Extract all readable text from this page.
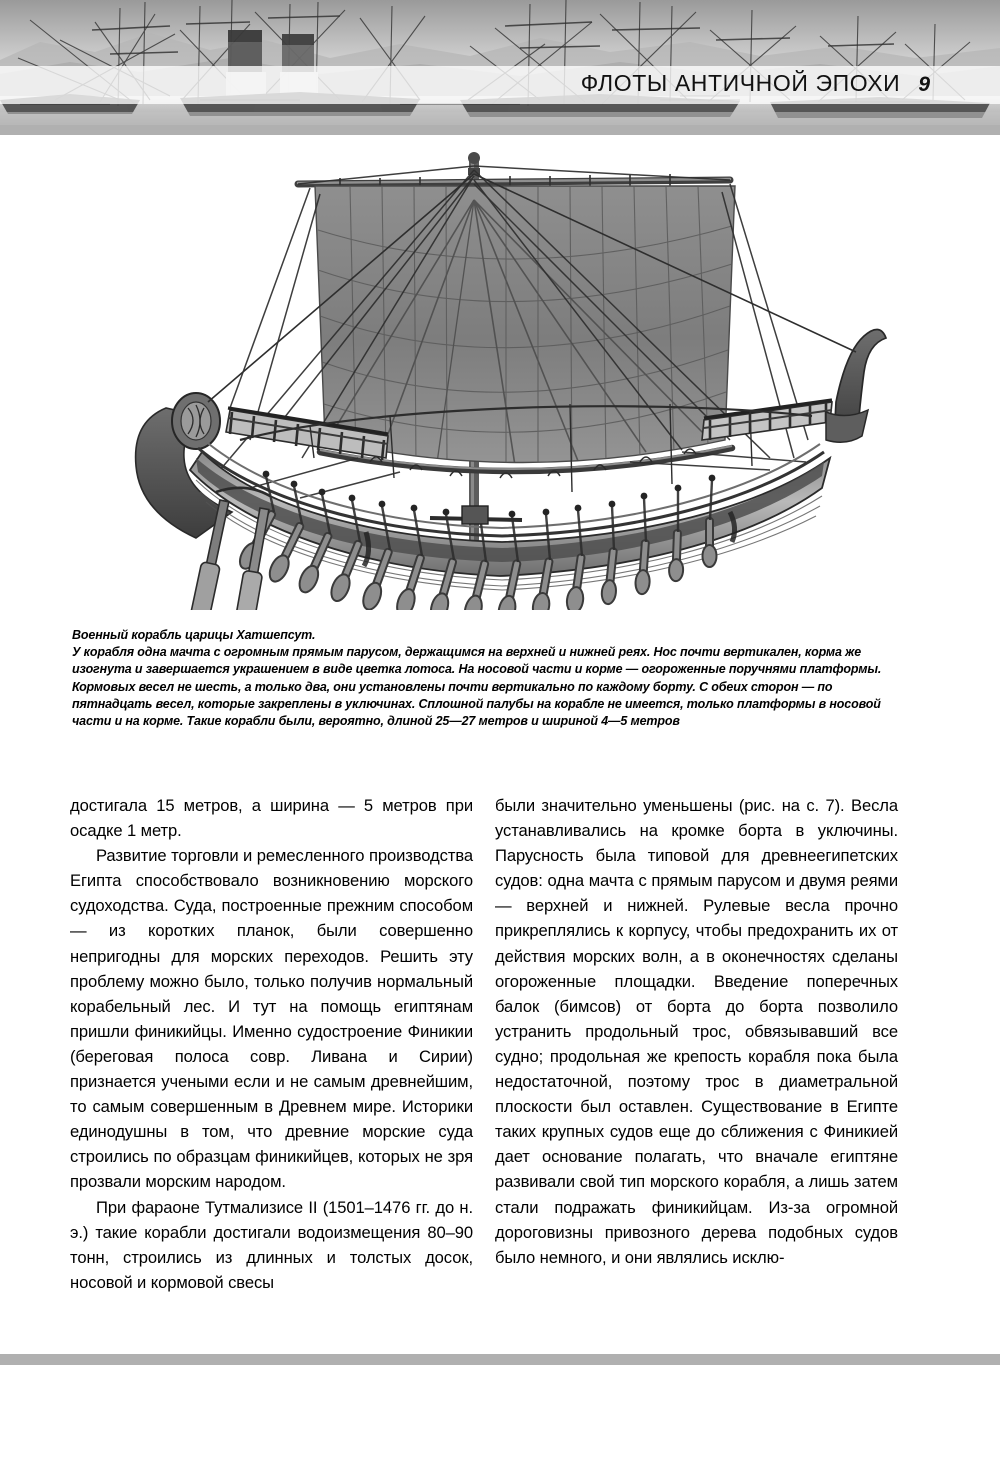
ФЛОТЫ АНТИЧНОЙ ЭПОХИ 9
Военный корабль царицы Хатшепсут.
У корабля одна мачта с огромным прямым парусом, держащимся на верхней и нижней реях. Нос почти вертикален, корма же изогнута и завершается украшением в виде цветка лотоса. На носовой части и корме — огороженные поручнями платформы. Кормовых весел не шесть, а только два, они установлены почти вертикально по каждому борту. С обеих сторон — по пятнадцать весел, которые закреплены в уключинах. Сплошной палубы на корабле не имеется, только платформы в носовой части и на корме. Такие корабли были, вероятно, длиной 25—27 метров и шириной 4—5 метров

достигала 15 метров, а ширина — 5 метров при осадке 1 метр.

Развитие торговли и ремесленного производства Египта способствовало возникновению морского судоходства. Суда, построенные прежним способом — из коротких планок, были совершенно непригодны для морских переходов. Решить эту проблему можно было, только получив нормальный корабельный лес. И тут на помощь египтянам пришли финикийцы. Именно судостроение Финикии (береговая полоса совр. Ливана и Сирии) признается учеными если и не самым древнейшим, то самым совершенным в Древнем мире. Историки единодушны в том, что древние морские суда строились по образцам финикийцев, которых не зря прозвали морским народом.

При фараоне Тутмализисе II (1501–1476 гг. до н. э.) такие корабли достигали водоизмещения 80–90 тонн, строились из длинных и толстых досок, носовой и кормовой свесы

были значительно уменьшены (рис. на с. 7). Весла устанавливались на кромке борта в уключины. Парусность была типовой для древнеегипетских судов: одна мачта с прямым парусом и двумя реями — верхней и нижней. Рулевые весла прочно прикреплялись к корпусу, чтобы предохранить их от действия морских волн, а в оконечностях сделаны огороженные площадки. Введение поперечных балок (бимсов) от борта до борта позволило устранить продольный трос, обвязывавший все судно; продольная же крепость корабля пока была недостаточной, поэтому трос в диаметральной плоскости был оставлен. Существование в Египте таких крупных судов еще до сближения с Финикией дает основание полагать, что вначале египтяне развивали свой тип морского корабля, а лишь затем стали подражать финикийцам. Из-за огромной дороговизны привозного дерева подобных судов было немного, и они являлись исклю-
